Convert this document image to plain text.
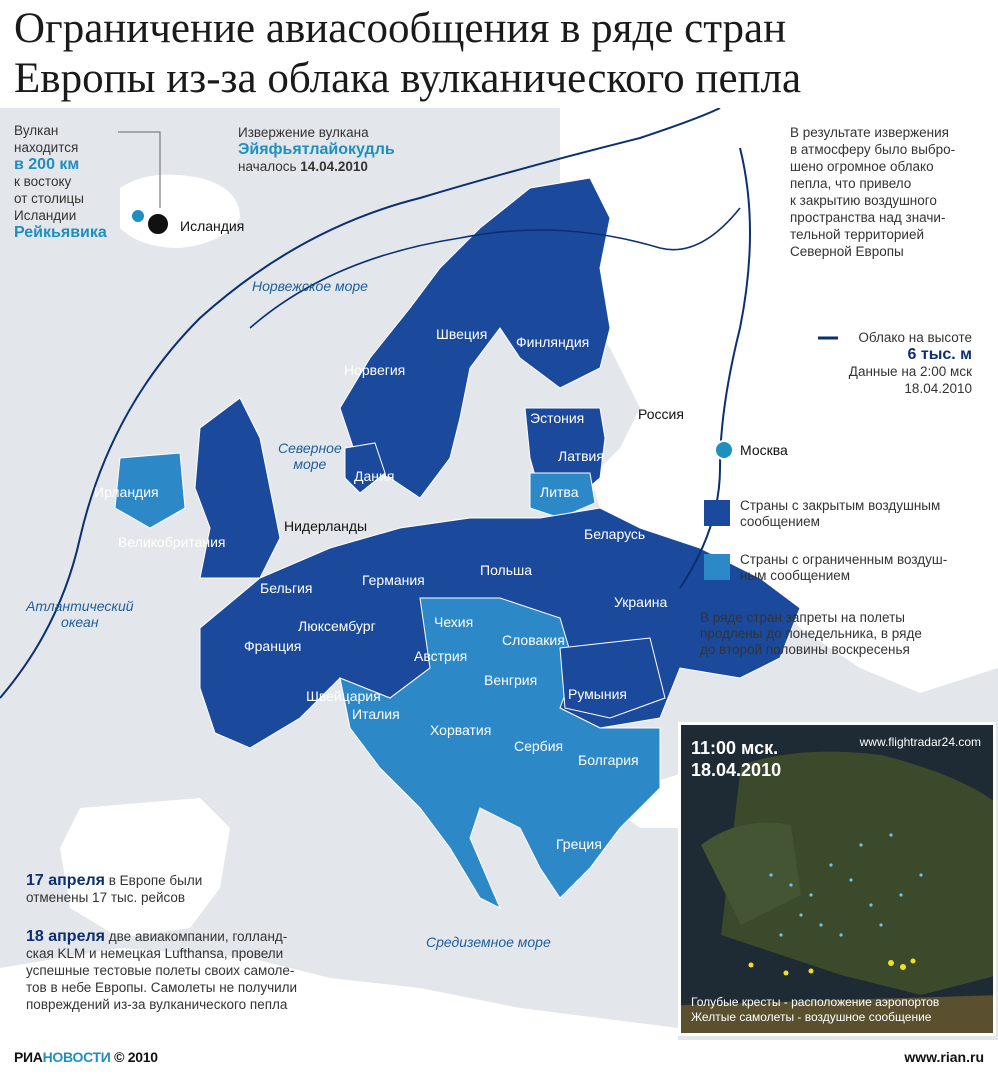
Ограничение авиасообщения в ряде стран
Европы из-за облака вулканического пепла
Вулкан
находится
в 200 км
к востоку
от столицы
Исландии
Рейкьявика	Исландия
Извержение вулкана
Эйяфьятлайокудль
началось 14.04.2010
В результате извержения
в атмосферу было выбро-
шено огромное облако
пепла, что привело
к закрытию воздушного
пространства над значи-
тельной территорией
Северной Европы
Облако на высоте
6 тыс. м
Данные на 2:00 мск
18.04.2010
Норвежское море
Северное
море
Атлантический
океан
Средиземное море
Россия
Москва
Нидерланды
Швеция Финляндия
Норвегия
Эстония
Латвия
Литва
Дания
Ирландия
Великобритания	Беларусь
Германия
Польша
Бельгия
Люксембург	Чехия
Украина
Франция	Словакия
Австрия
Венгрия
Швейцария	Румыния
Италия
Хорватия
Сербия
Болгария
Греция
Страны с закрытым воздушным
сообщением
Страны с ограниченным воздуш-
ным сообщением
В ряде стран запреты на полеты
продлены до понедельника, в ряде
до второй половины воскресенья
17 апреля в Европе были
отменены 17 тыс. рейсов
18 апреля две авиакомпании, голланд-
ская KLM и немецкая Lufthansa, провели
успешные тестовые полеты своих самоле-
тов в небе Европы. Самолеты не получили
повреждений из-за вулканического пепла
11:00 мск.
18.04.2010
www.flightradar24.com
Голубые кресты - расположение аэропортов
Желтые самолеты - воздушное сообщение
РИАНОВОСТИ © 2010	www.rian.ru
